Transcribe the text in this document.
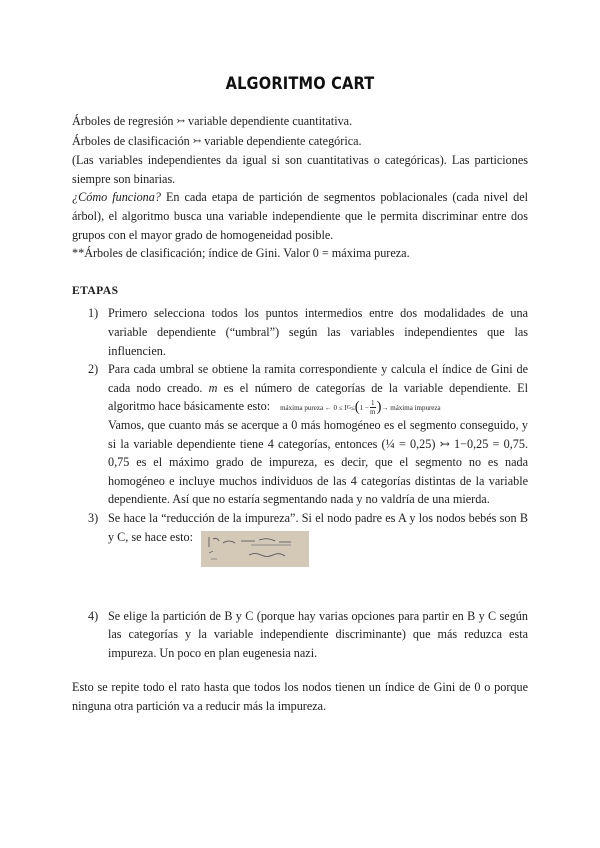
ALGORITMO CART

Árboles de regresión ↣ variable dependiente cuantitativa.

Árboles de clasificación ↣ variable dependiente categórica.

(Las variables independientes da igual si son cuantitativas o categóricas). Las particiones siempre son binarias.

¿Cómo funciona? En cada etapa de partición de segmentos poblacionales (cada nivel del árbol), el algoritmo busca una variable independiente que le permita discriminar entre dos grupos con el mayor grado de homogeneidad posible.

**Árboles de clasificación; índice de Gini. Valor 0 = máxima pureza.

ETAPAS

1) Primero selecciona todos los puntos intermedios entre dos modalidades de una variable dependiente (“umbral”) según las variables independientes que las influencien.
2) Para cada umbral se obtiene la ramita correspondiente y calcula el índice de Gini de cada nodo creado. m es el número de categorías de la variable dependiente. El algoritmo hace básicamente esto: máxima pureza ← 0 ≤ I G ≤ ( $1 - \frac{1}{m}$ ) → máxima impureza

Vamos, que cuanto más se acerque a 0 más homogéneo es el segmento conseguido, y si la variable dependiente tiene 4 categorías, entonces (¼ = 0,25) ↣ 1−0,25 = 0,75. 0,75 es el máximo grado de impureza, es decir, que el segmento no es nada homogéneo e incluye muchos individuos de las 4 categorías distintas de la variable dependiente. Así que no estaría segmentando nada y no valdría de una mierda.
3) Se hace la “reducción de la impureza”. Si el nodo padre es A y los nodos bebés son B y C, se hace esto:
4) Se elige la partición de B y C (porque hay varias opciones para partir en B y C según las categorías y la variable independiente discriminante) que más reduzca esta impureza. Un poco en plan eugenesia nazi.

Esto se repite todo el rato hasta que todos los nodos tienen un índice de Gini de 0 o porque ninguna otra partición va a reducir más la impureza.
